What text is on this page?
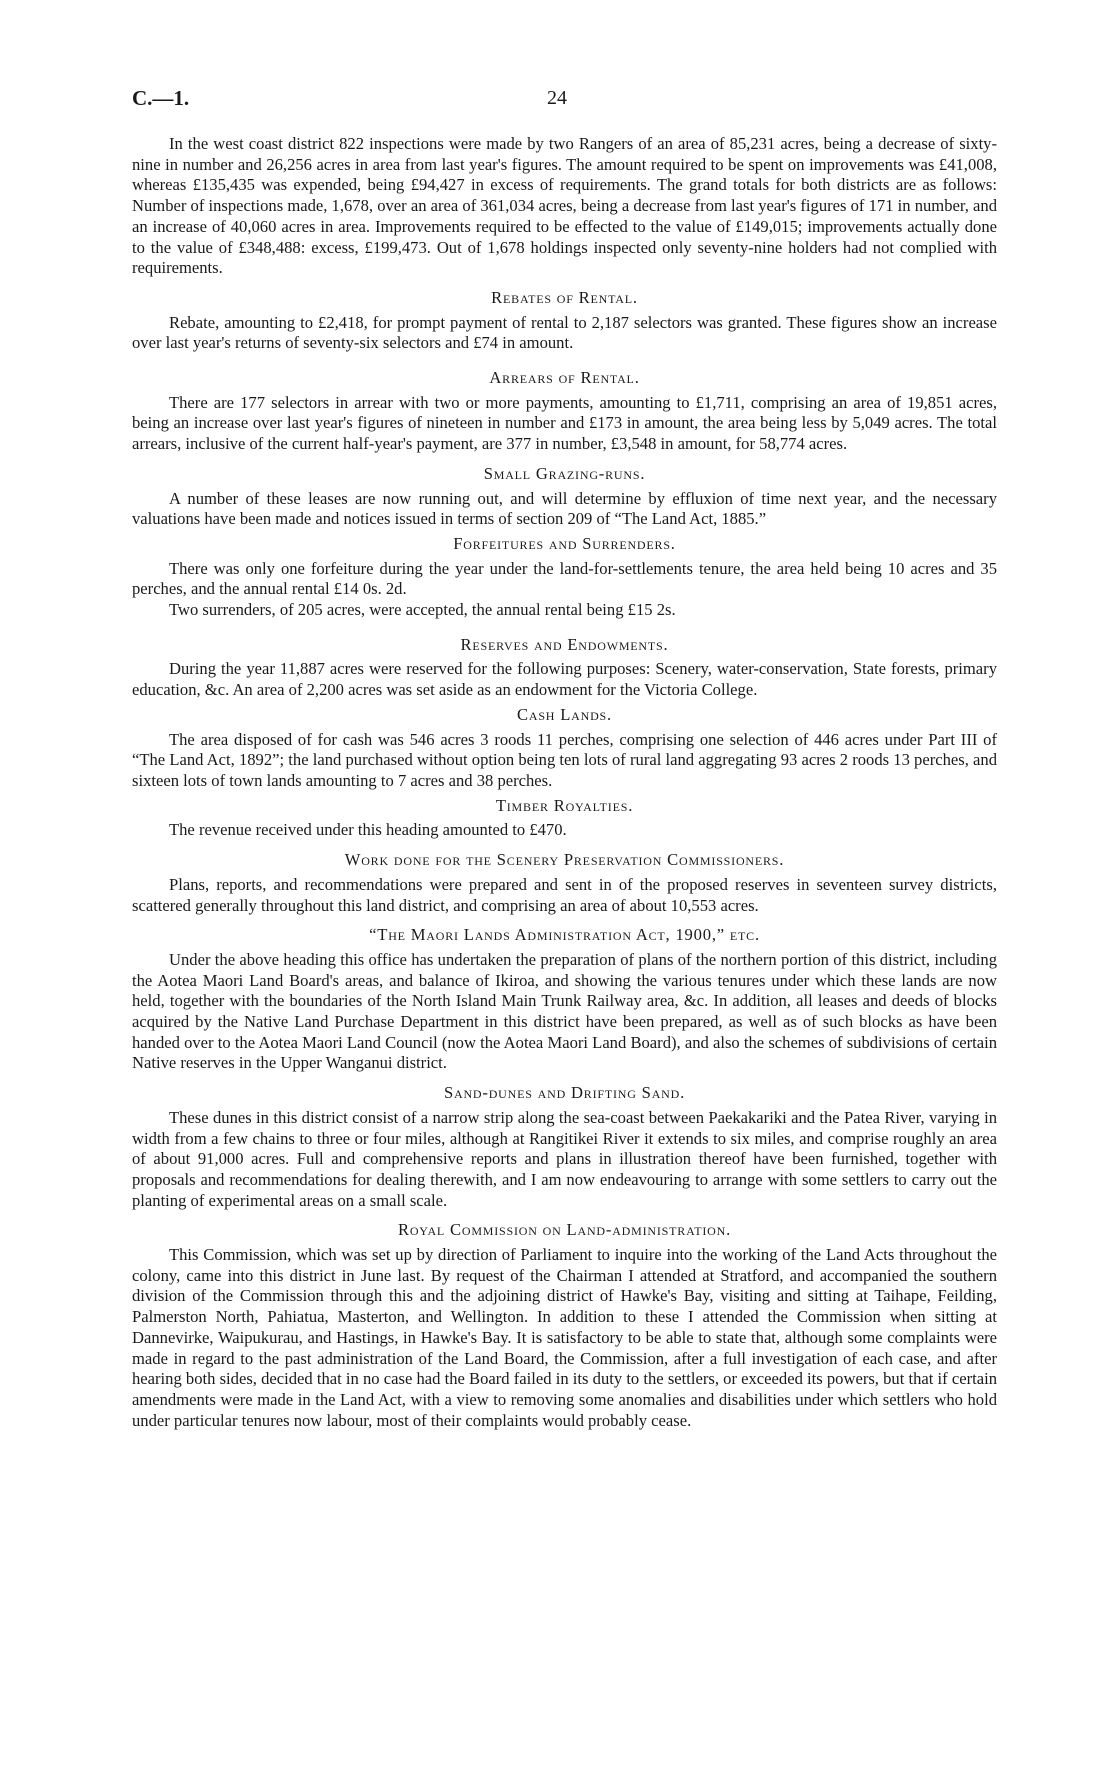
C.—1.	24

In the west coast district 822 inspections were made by two Rangers of an area of 85,231 acres, being a decrease of sixty-nine in number and 26,256 acres in area from last year's figures. The amount required to be spent on improvements was £41,008, whereas £135,435 was expended, being £94,427 in excess of requirements. The grand totals for both districts are as follows: Number of inspections made, 1,678, over an area of 361,034 acres, being a decrease from last year's figures of 171 in number, and an increase of 40,060 acres in area. Improvements required to be effected to the value of £149,015; improvements actually done to the value of £348,488: excess, £199,473. Out of 1,678 holdings inspected only seventy-nine holders had not complied with requirements.

Rebates of Rental.

Rebate, amounting to £2,418, for prompt payment of rental to 2,187 selectors was granted. These figures show an increase over last year's returns of seventy-six selectors and £74 in amount.

Arrears of Rental.

There are 177 selectors in arrear with two or more payments, amounting to £1,711, comprising an area of 19,851 acres, being an increase over last year's figures of nineteen in number and £173 in amount, the area being less by 5,049 acres. The total arrears, inclusive of the current half-year's payment, are 377 in number, £3,548 in amount, for 58,774 acres.

Small Grazing-runs.

A number of these leases are now running out, and will determine by effluxion of time next year, and the necessary valuations have been made and notices issued in terms of section 209 of “The Land Act, 1885.”

Forfeitures and Surrenders.

There was only one forfeiture during the year under the land-for-settlements tenure, the area held being 10 acres and 35 perches, and the annual rental £14 0s. 2d.

Two surrenders, of 205 acres, were accepted, the annual rental being £15 2s.

Reserves and Endowments.

During the year 11,887 acres were reserved for the following purposes: Scenery, water-conservation, State forests, primary education, &c. An area of 2,200 acres was set aside as an endowment for the Victoria College.

Cash Lands.

The area disposed of for cash was 546 acres 3 roods 11 perches, comprising one selection of 446 acres under Part III of “The Land Act, 1892”; the land purchased without option being ten lots of rural land aggregating 93 acres 2 roods 13 perches, and sixteen lots of town lands amounting to 7 acres and 38 perches.

Timber Royalties.

The revenue received under this heading amounted to £470.

Work done for the Scenery Preservation Commissioners.

Plans, reports, and recommendations were prepared and sent in of the proposed reserves in seventeen survey districts, scattered generally throughout this land district, and comprising an area of about 10,553 acres.

“The Maori Lands Administration Act, 1900,” etc.

Under the above heading this office has undertaken the preparation of plans of the northern portion of this district, including the Aotea Maori Land Board's areas, and balance of Ikiroa, and showing the various tenures under which these lands are now held, together with the boundaries of the North Island Main Trunk Railway area, &c. In addition, all leases and deeds of blocks acquired by the Native Land Purchase Department in this district have been prepared, as well as of such blocks as have been handed over to the Aotea Maori Land Council (now the Aotea Maori Land Board), and also the schemes of subdivisions of certain Native reserves in the Upper Wanganui district.

Sand-dunes and Drifting Sand.

These dunes in this district consist of a narrow strip along the sea-coast between Paekakariki and the Patea River, varying in width from a few chains to three or four miles, although at Rangitikei River it extends to six miles, and comprise roughly an area of about 91,000 acres. Full and comprehensive reports and plans in illustration thereof have been furnished, together with proposals and recommendations for dealing therewith, and I am now endeavouring to arrange with some settlers to carry out the planting of experimental areas on a small scale.

Royal Commission on Land-administration.

This Commission, which was set up by direction of Parliament to inquire into the working of the Land Acts throughout the colony, came into this district in June last. By request of the Chairman I attended at Stratford, and accompanied the southern division of the Commission through this and the adjoining district of Hawke's Bay, visiting and sitting at Taihape, Feilding, Palmerston North, Pahiatua, Masterton, and Wellington. In addition to these I attended the Commission when sitting at Dannevirke, Waipukurau, and Hastings, in Hawke's Bay. It is satisfactory to be able to state that, although some complaints were made in regard to the past administration of the Land Board, the Commission, after a full investigation of each case, and after hearing both sides, decided that in no case had the Board failed in its duty to the settlers, or exceeded its powers, but that if certain amendments were made in the Land Act, with a view to removing some anomalies and disabilities under which settlers who hold under particular tenures now labour, most of their complaints would probably cease.
